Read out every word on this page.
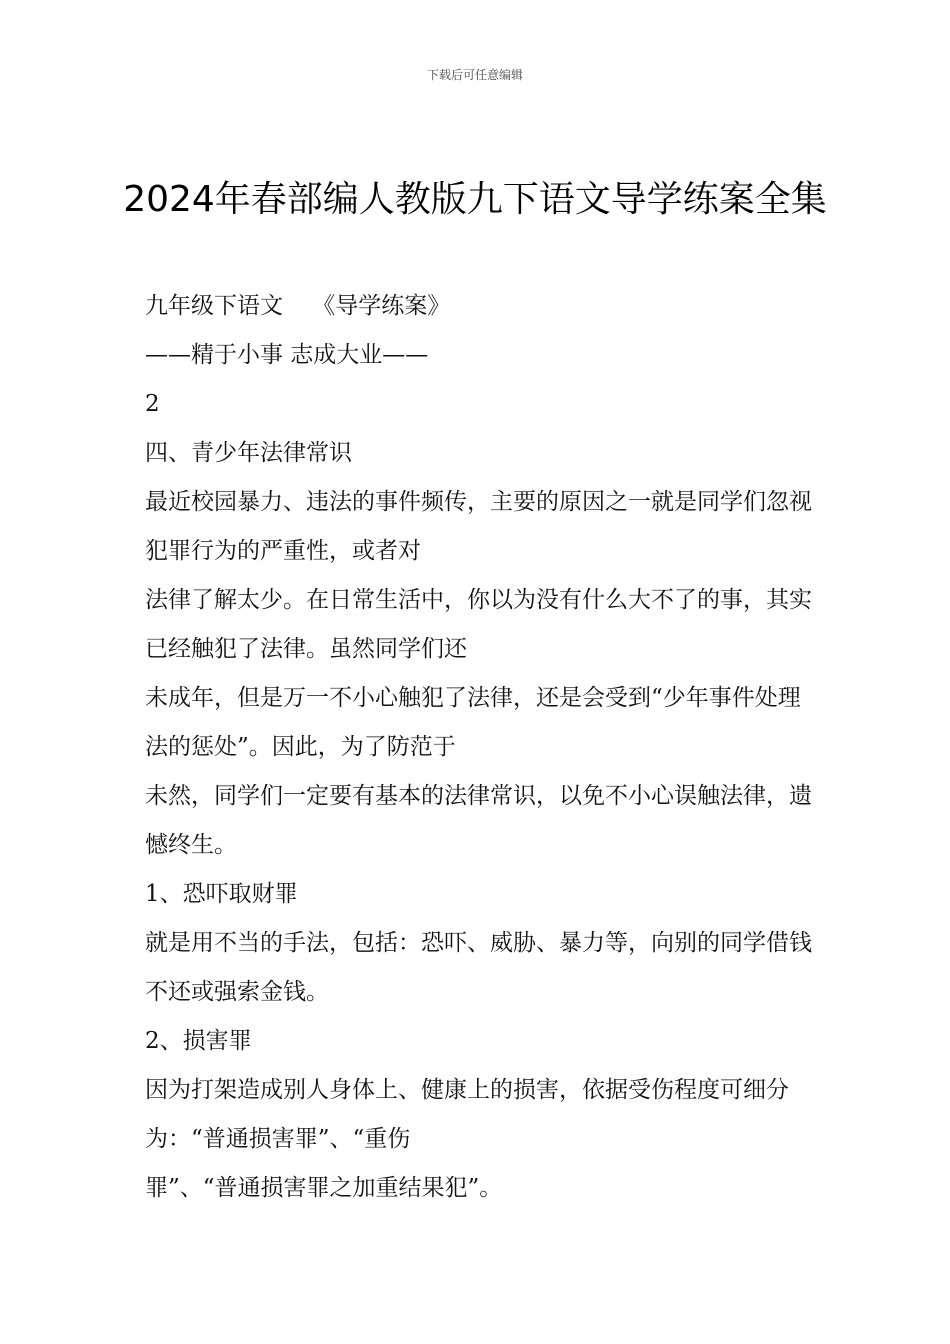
下载后可任意编辑
2024年春部编人教版九下语文导学练案全集

九年级下语文    《导学练案》

——精于小事 志成大业——

2

四、青少年法律常识

最近校园暴力、违法的事件频传，主要的原因之一就是同学们忽视犯罪行为的严重性，或者对
法律了解太少。在日常生活中，你以为没有什么大不了的事，其实已经触犯了法律。虽然同学们还
未成年，但是万一不小心触犯了法律，还是会受到“少年事件处理法的惩处”。因此，为了防范于
未然，同学们一定要有基本的法律常识，以免不小心误触法律，遗憾终生。

1、恐吓取财罪

就是用不当的手法，包括：恐吓、威胁、暴力等，向别的同学借钱不还或强索金钱。

2、损害罪

因为打架造成别人身体上、健康上的损害，依据受伤程度可细分为：“普通损害罪”、“重伤
罪”、“普通损害罪之加重结果犯”。
